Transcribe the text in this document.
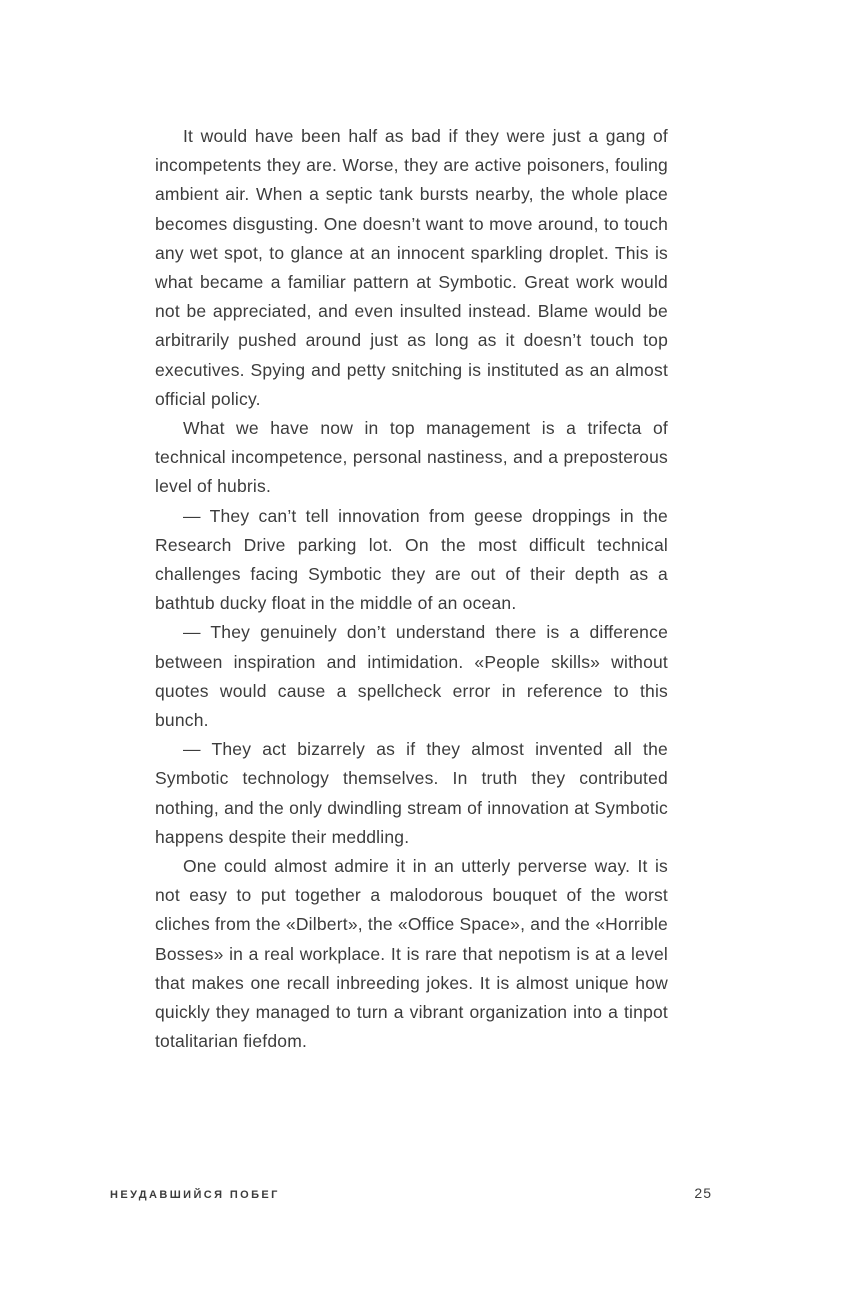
It would have been half as bad if they were just a gang of incompetents they are. Worse, they are active poisoners, fouling ambient air. When a septic tank bursts nearby, the whole place becomes disgusting. One doesn’t want to move around, to touch any wet spot, to glance at an innocent sparkling droplet. This is what became a familiar pattern at Symbotic. Great work would not be appreciated, and even insulted instead. Blame would be arbitrarily pushed around just as long as it doesn’t touch top executives. Spying and petty snitching is instituted as an almost official policy.

What we have now in top management is a trifecta of technical incompetence, personal nastiness, and a preposterous level of hubris.

— They can’t tell innovation from geese droppings in the Research Drive parking lot. On the most difficult technical challenges facing Symbotic they are out of their depth as a bathtub ducky float in the middle of an ocean.

— They genuinely don’t understand there is a difference between inspiration and intimidation. «People skills» without quotes would cause a spellcheck error in reference to this bunch.

— They act bizarrely as if they almost invented all the Symbotic technology themselves. In truth they contributed nothing, and the only dwindling stream of innovation at Symbotic happens despite their meddling.

One could almost admire it in an utterly perverse way. It is not easy to put together a malodorous bouquet of the worst cliches from the «Dilbert», the «Office Space», and the «Horrible Bosses» in a real workplace. It is rare that nepotism is at a level that makes one recall inbreeding jokes. It is almost unique how quickly they managed to turn a vibrant organization into a tinpot totalitarian fiefdom.

НЕУДАВШИЙСЯ ПОБЕГ	25
